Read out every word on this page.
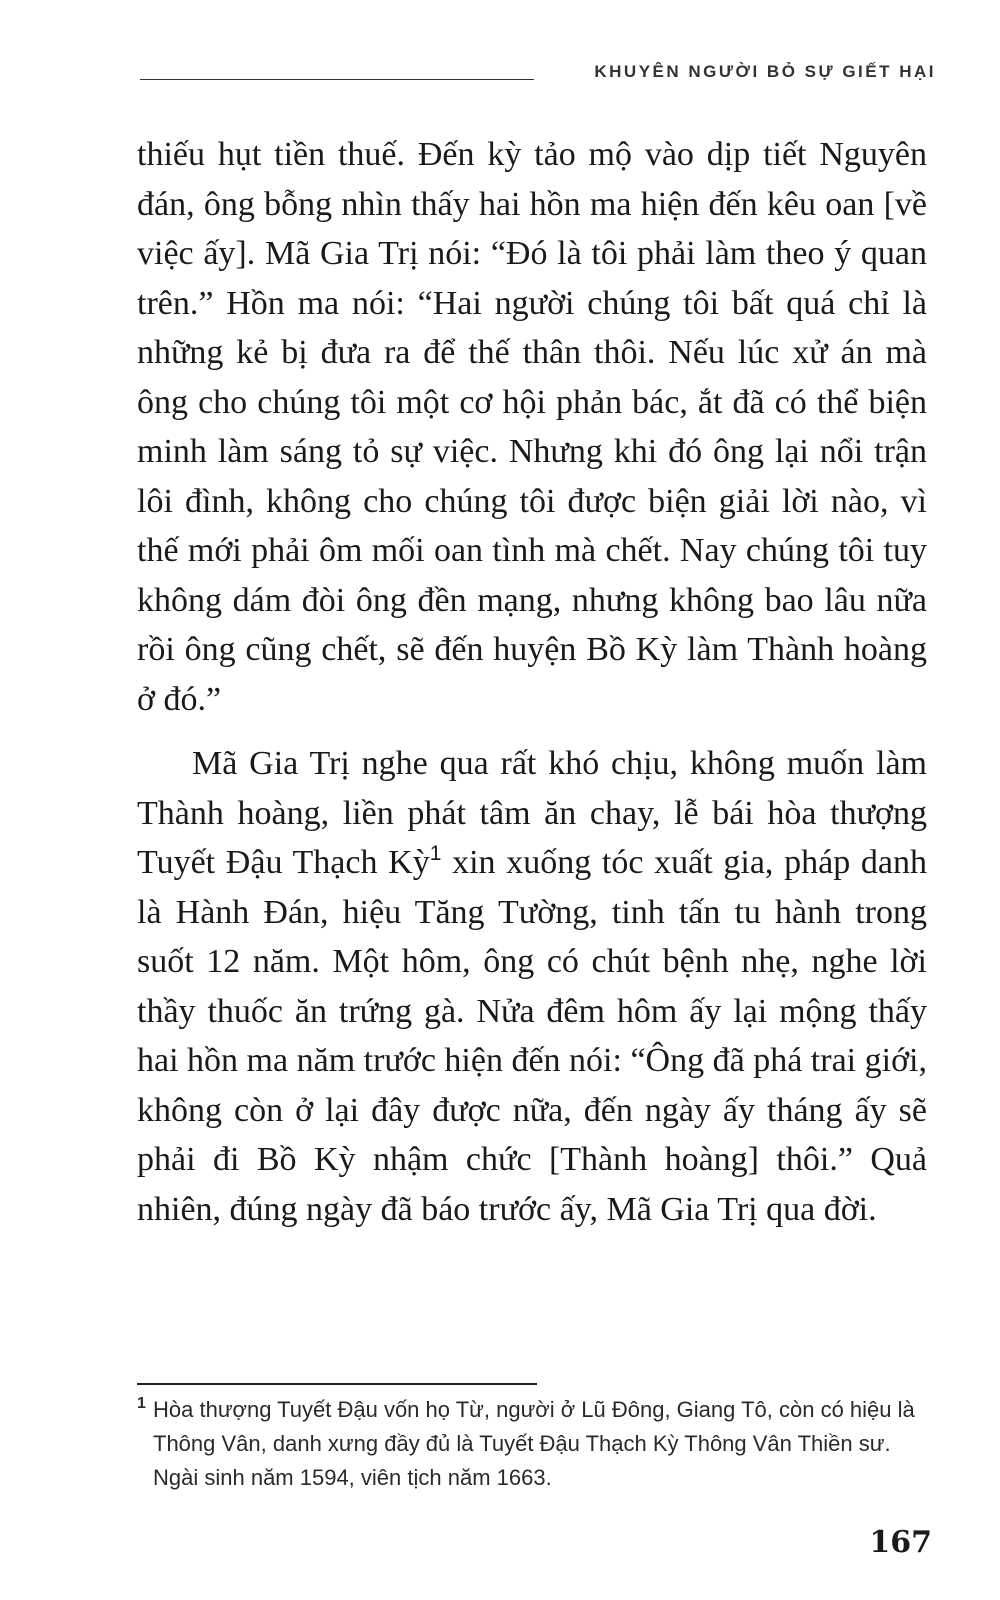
KHUYÊN NGƯỜI BỎ SỰ GIẾT HẠI

thiếu hụt tiền thuế. Đến kỳ tảo mộ vào dịp tiết Nguyên đán, ông bỗng nhìn thấy hai hồn ma hiện đến kêu oan [về việc ấy]. Mã Gia Trị nói: “Đó là tôi phải làm theo ý quan trên.” Hồn ma nói: “Hai người chúng tôi bất quá chỉ là những kẻ bị đưa ra để thế thân thôi. Nếu lúc xử án mà ông cho chúng tôi một cơ hội phản bác, ắt đã có thể biện minh làm sáng tỏ sự việc. Nhưng khi đó ông lại nổi trận lôi đình, không cho chúng tôi được biện giải lời nào, vì thế mới phải ôm mối oan tình mà chết. Nay chúng tôi tuy không dám đòi ông đền mạng, nhưng không bao lâu nữa rồi ông cũng chết, sẽ đến huyện Bồ Kỳ làm Thành hoàng ở đó.”

Mã Gia Trị nghe qua rất khó chịu, không muốn làm Thành hoàng, liền phát tâm ăn chay, lễ bái hòa thượng Tuyết Đậu Thạch Kỳ$^1$ xin xuống tóc xuất gia, pháp danh là Hành Đán, hiệu Tăng Tường, tinh tấn tu hành trong suốt 12 năm. Một hôm, ông có chút bệnh nhẹ, nghe lời thầy thuốc ăn trứng gà. Nửa đêm hôm ấy lại mộng thấy hai hồn ma năm trước hiện đến nói: “Ông đã phá trai giới, không còn ở lại đây được nữa, đến ngày ấy tháng ấy sẽ phải đi Bồ Kỳ nhậm chức [Thành hoàng] thôi.” Quả nhiên, đúng ngày đã báo trước ấy, Mã Gia Trị qua đời.

1 Hòa thượng Tuyết Đậu vốn họ Từ, người ở Lũ Đông, Giang Tô, còn có hiệu là Thông Vân, danh xưng đầy đủ là Tuyết Đậu Thạch Kỳ Thông Vân Thiền sư. Ngài sinh năm 1594, viên tịch năm 1663.
167
